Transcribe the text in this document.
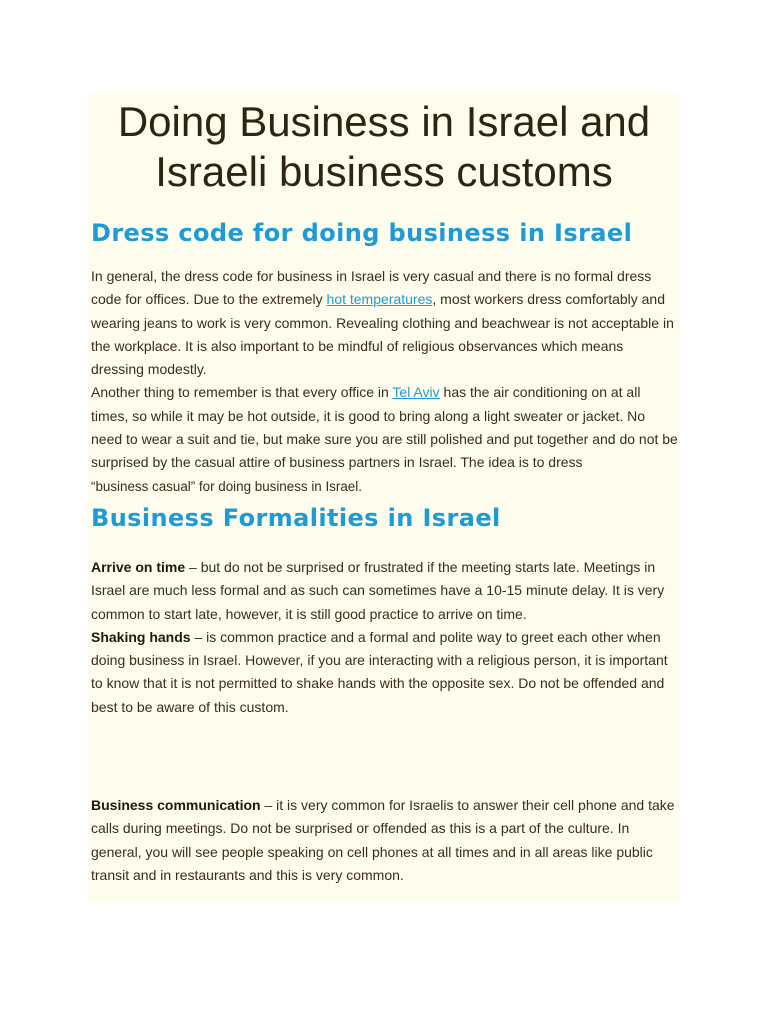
Doing Business in Israel and
Israeli business customs
Dress code for doing business in Israel

In general, the dress code for business in Israel is very casual and there is no formal dress code for offices. Due to the extremely hot temperatures, most workers dress comfortably and wearing jeans to work is very common. Revealing clothing and beachwear is not acceptable in the workplace. It is also important to be mindful of religious observances which means dressing modestly.

Another thing to remember is that every office in Tel Aviv has the air conditioning on at all times, so while it may be hot outside, it is good to bring along a light sweater or jacket. No need to wear a suit and tie, but make sure you are still polished and put together and do not be surprised by the casual attire of business partners in Israel. The idea is to dress
“business casual” for doing business in Israel.

Business Formalities in Israel

Arrive on time – but do not be surprised or frustrated if the meeting starts late. Meetings in Israel are much less formal and as such can sometimes have a 10-15 minute delay. It is very common to start late, however, it is still good practice to arrive on time.

Shaking hands – is common practice and a formal and polite way to greet each other when doing business in Israel. However, if you are interacting with a religious person, it is important to know that it is not permitted to shake hands with the opposite sex. Do not be offended and best to be aware of this custom.

Business communication – it is very common for Israelis to answer their cell phone and take calls during meetings. Do not be surprised or offended as this is a part of the culture. In general, you will see people speaking on cell phones at all times and in all areas like public transit and in restaurants and this is very common.
